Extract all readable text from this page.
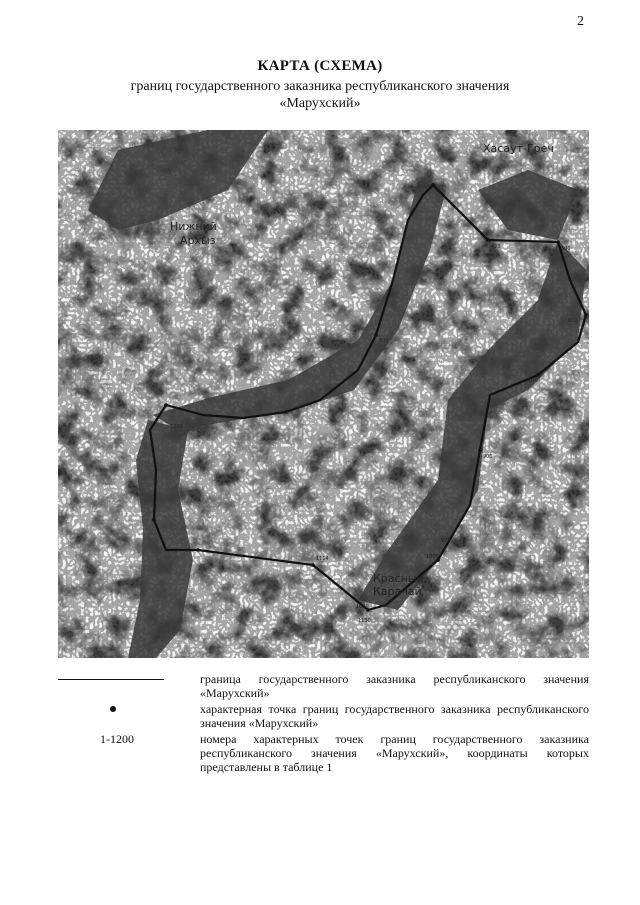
2
КАРТА (СХЕМА)
границ государственного заказника республиканского значения
«Марухский»
1
423	500
600
700
900
975
1000
1080
1130
1114
1200
800
Хасаут-Греч
Нижний
Архыз
Красный
Карачай
граница государственного заказника республиканского значения «Марухский»
характерная точка границ государственного заказника республиканского значения «Марухский»
1-1200	номера характерных точек границ государственного заказника республиканского значения «Марухский», координаты которых представлены в таблице 1
